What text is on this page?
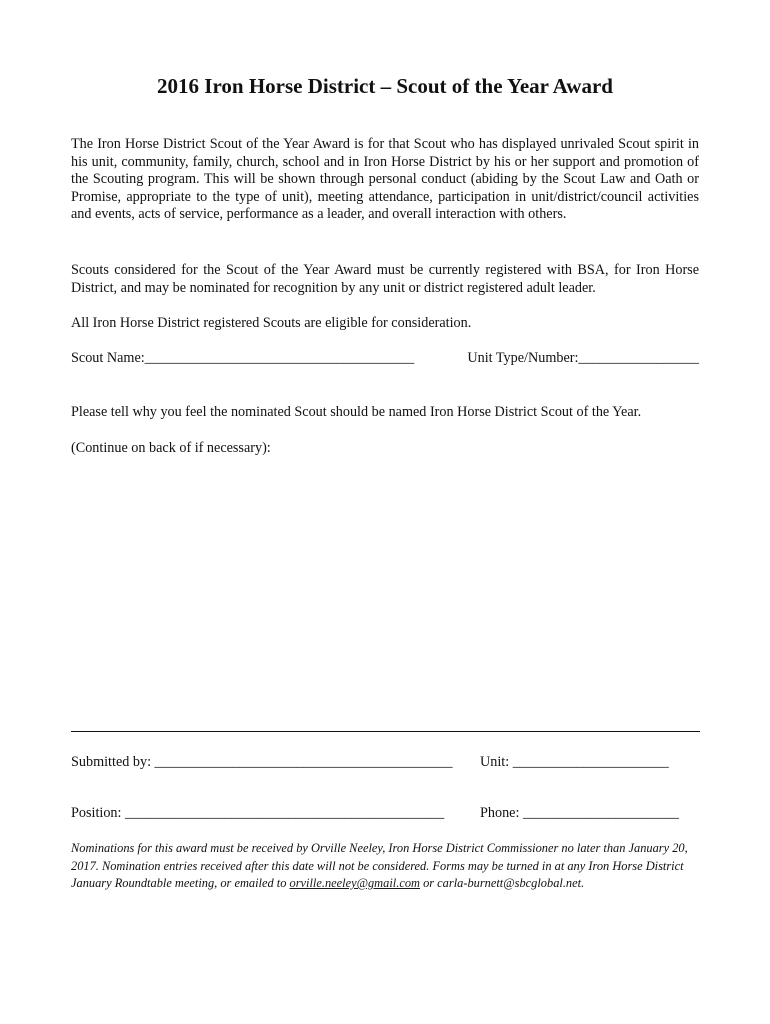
2016 Iron Horse District – Scout of the Year Award

The Iron Horse District Scout of the Year Award is for that Scout who has displayed unrivaled Scout spirit in his unit, community, family, church, school and in Iron Horse District by his or her support and promotion of the Scouting program. This will be shown through personal conduct (abiding by the Scout Law and Oath or Promise, appropriate to the type of unit), meeting attendance, participation in unit/district/council activities and events, acts of service, performance as a leader, and overall interaction with others.

Scouts considered for the Scout of the Year Award must be currently registered with BSA, for Iron Horse District, and may be nominated for recognition by any unit or district registered adult leader.

All Iron Horse District registered Scouts are eligible for consideration.

Scout Name:______________________________________	Unit Type/Number:_________________
Please tell why you feel the nominated Scout should be named Iron Horse District Scout of the Year.
(Continue on back of if necessary):
Submitted by: __________________________________________ Unit: ______________________
Position: _____________________________________________	Phone: ______________________

Nominations for this award must be received by Orville Neeley, Iron Horse District Commissioner no later than January 20, 2017. Nomination entries received after this date will not be considered. Forms may be turned in at any Iron Horse District January Roundtable meeting, or emailed to orville.neeley@gmail.com or carla-burnett@sbcglobal.net.
